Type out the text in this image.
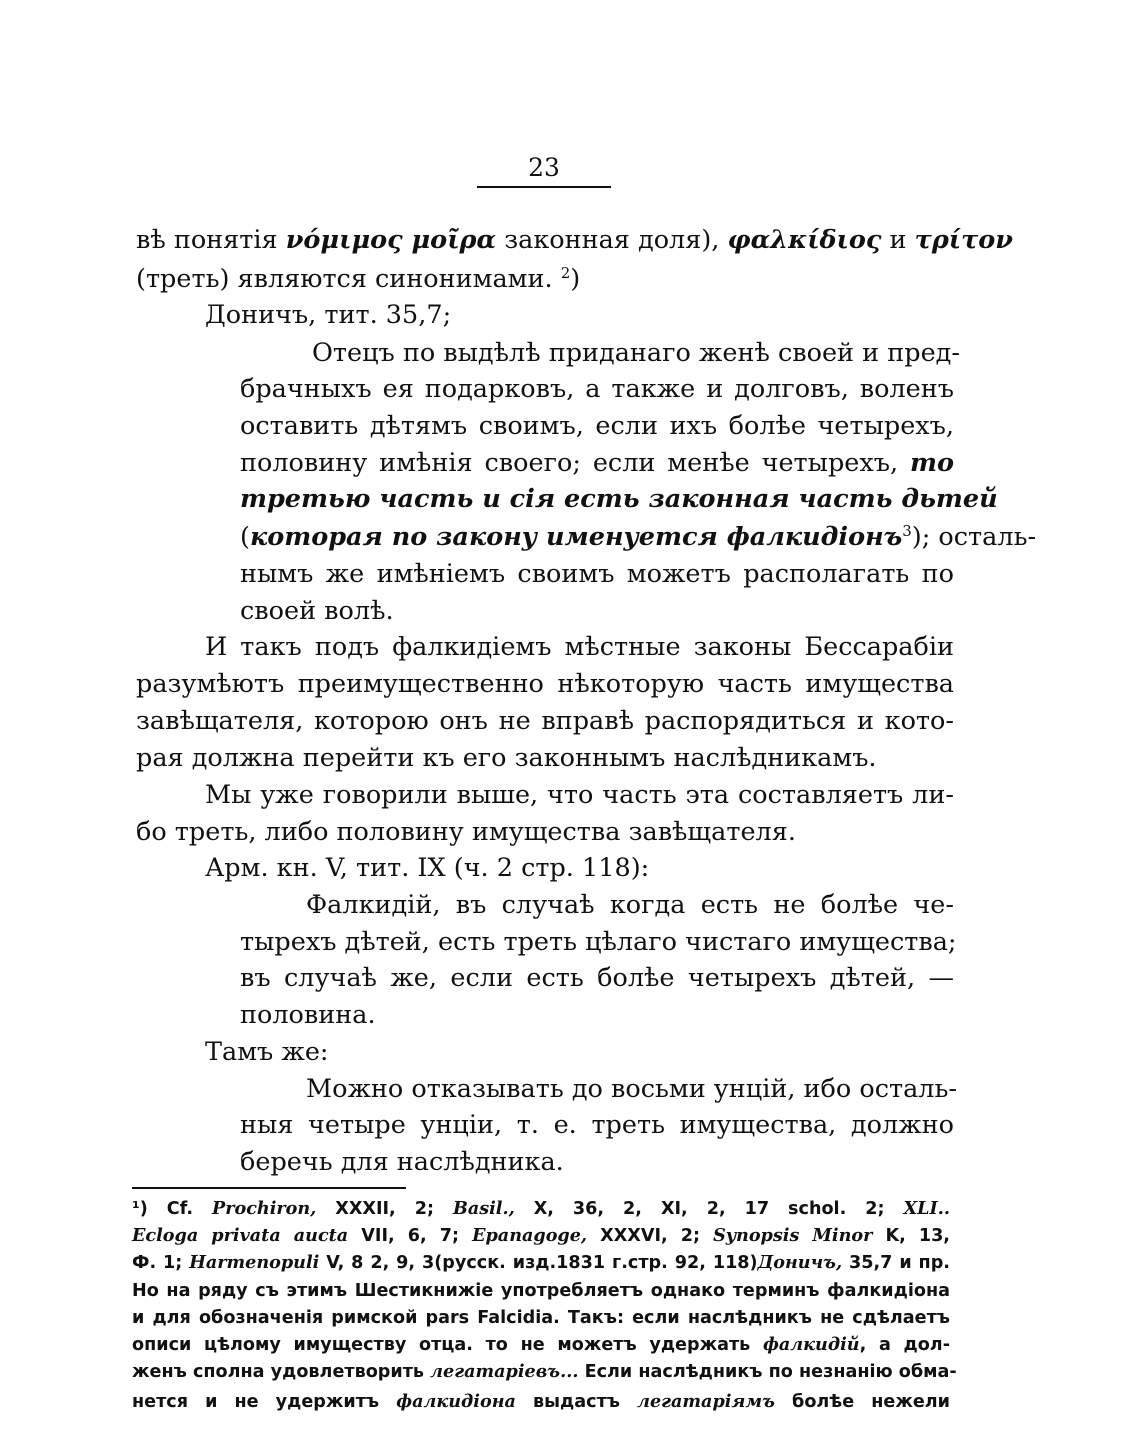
23
вѣ понятія νόμιμος μοῖρα законная доля), φαλκίδιος и τρίτον
(треть) являются синонимами. $^2$)
Доничъ, тит. 35,7;
Отецъ по выдѣлѣ приданаго женѣ своей и пред-
брачныхъ ея подарковъ, а также и долговъ, воленъ
оставить дѣтямъ своимъ, если ихъ болѣе четырехъ,
половину имѣнія своего; если менѣе четырехъ, то
третью часть и сія есть законная часть дьтей
(которая по закону именуется фалкидіонъ$^3$); осталь-
нымъ же имѣніемъ своимъ можетъ располагать по
своей волѣ.
И такъ подъ фалкидіемъ мѣстные законы Бессарабіи
разумѣютъ преимущественно нѣкоторую часть имущества
завѣщателя, которою онъ не вправѣ распорядиться и кото-
рая должна перейти къ его законнымъ наслѣдникамъ.
Мы уже говорили выше, что часть эта составляетъ ли-
бо треть, либо половину имущества завѣщателя.
Арм. кн. V, тит. IX (ч. 2 стр. 118):
Фалкидій, въ случаѣ когда есть не болѣе че-
тырехъ дѣтей, есть треть цѣлаго чистаго имущества;
въ случаѣ же, если есть болѣе четырехъ дѣтей, —
половина.
Тамъ же:
Можно отказывать до восьми унцій, ибо осталь-
ныя четыре унціи, т. е. треть имущества, должно
беречь для наслѣдника.
¹) Cf. Prochiron, XXXII, 2; Basil., X, 36, 2, XI, 2, 17 schol. 2; XLI..
Ecloga privata aucta VII, 6, 7; Epanagoge, XXXVI, 2; Synopsis Minor K, 13,
Ф. 1; Harmenopuli V, 8 2, 9, 3(русск. изд.1831 г.стр. 92, 118)Доничъ, 35,7 и пр.
Но на ряду съ этимъ Шестикнижіе употребляетъ однако терминъ фалкидіона
и для обозначенія римской pars Falcidia. Такъ: если наслѣдникъ не сдѣлаетъ
описи цѣлому имуществу отца. то не можетъ удержать фалкидій, а дол-
женъ сполна удовлетворить легатаріевъ... Если наслѣдникъ по незнанію обма-
нется и не удержитъ фалкидіона выдастъ легатаріямъ болѣе нежели
